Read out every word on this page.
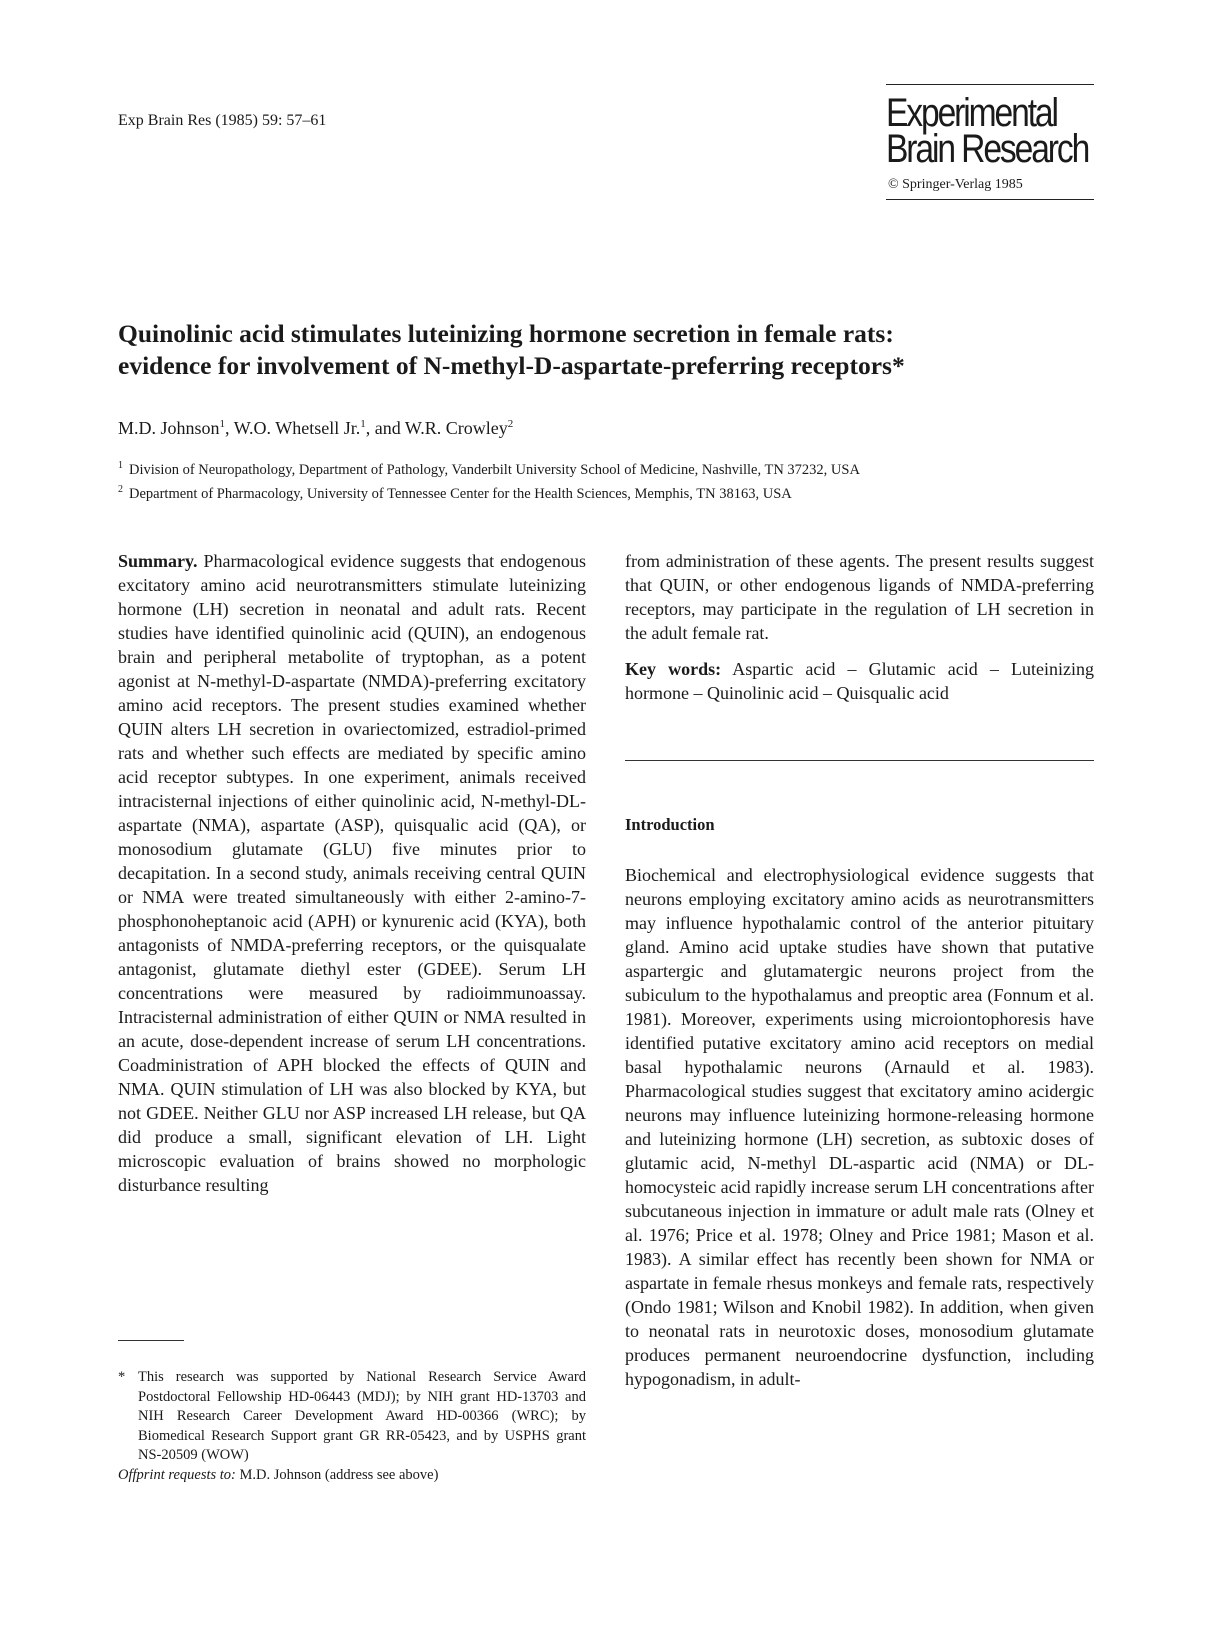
Exp Brain Res (1985) 59: 57–61	Experimental
Brain Research
© Springer-Verlag 1985
Quinolinic acid stimulates luteinizing hormone secretion in female rats:
evidence for involvement of N-methyl-D-aspartate-preferring receptors*
M.D. Johnson$^1$, W.O. Whetsell Jr.$^1$, and W.R. Crowley$^2$
$^1$ Division of Neuropathology, Department of Pathology, Vanderbilt University School of Medicine, Nashville, TN 37232, USA
$^2$ Department of Pharmacology, University of Tennessee Center for the Health Sciences, Memphis, TN 38163, USA

Summary. Pharmacological evidence suggests that endogenous excitatory amino acid neurotransmitters stimulate luteinizing hormone (LH) secretion in neonatal and adult rats. Recent studies have identified quinolinic acid (QUIN), an endogenous brain and peripheral metabolite of tryptophan, as a potent agonist at N-methyl-D-aspartate (NMDA)-preferring excitatory amino acid receptors. The present studies examined whether QUIN alters LH secretion in ovariectomized, estradiol-primed rats and whether such effects are mediated by specific amino acid receptor subtypes. In one experiment, animals received intracisternal injections of either quinolinic acid, N-methyl-DL-aspartate (NMA), aspartate (ASP), quisqualic acid (QA), or monosodium glutamate (GLU) five minutes prior to decapitation. In a second study, animals receiving central QUIN or NMA were treated simultaneously with either 2-amino-7-phosphonoheptanoic acid (APH) or kynurenic acid (KYA), both antagonists of NMDA-preferring receptors, or the quisqualate antagonist, glutamate diethyl ester (GDEE). Serum LH concentrations were measured by radioimmunoassay. Intracisternal administration of either QUIN or NMA resulted in an acute, dose-dependent increase of serum LH concentrations. Coadministration of APH blocked the effects of QUIN and NMA. QUIN stimulation of LH was also blocked by KYA, but not GDEE. Neither GLU nor ASP increased LH release, but QA did produce a small, significant elevation of LH. Light microscopic evaluation of brains showed no morphologic disturbance resulting

from administration of these agents. The present results suggest that QUIN, or other endogenous ligands of NMDA-preferring receptors, may participate in the regulation of LH secretion in the adult female rat.

Key words: Aspartic acid – Glutamic acid – Luteinizing hormone – Quinolinic acid – Quisqualic acid

Introduction
Biochemical and electrophysiological evidence suggests that neurons employing excitatory amino acids as neurotransmitters may influence hypothalamic control of the anterior pituitary gland. Amino acid uptake studies have shown that putative aspartergic and glutamatergic neurons project from the subiculum to the hypothalamus and preoptic area (Fonnum et al. 1981). Moreover, experiments using microiontophoresis have identified putative excitatory amino acid receptors on medial basal hypothalamic neurons (Arnauld et al. 1983). Pharmacological studies suggest that excitatory amino acidergic neurons may influence luteinizing hormone-releasing hormone and luteinizing hormone (LH) secretion, as subtoxic doses of glutamic acid, N-methyl DL-aspartic acid (NMA) or DL-homocysteic acid rapidly increase serum LH concentrations after subcutaneous injection in immature or adult male rats (Olney et al. 1976; Price et al. 1978; Olney and Price 1981; Mason et al. 1983). A similar effect has recently been shown for NMA or aspartate in female rhesus monkeys and female rats, respectively (Ondo 1981; Wilson and Knobil 1982). In addition, when given to neonatal rats in neurotoxic doses, monosodium glutamate produces permanent neuroendocrine dysfunction, including hypogonadism, in adult-
* This research was supported by National Research Service Award Postdoctoral Fellowship HD-06443 (MDJ); by NIH grant HD-13703 and NIH Research Career Development Award HD-00366 (WRC); by Biomedical Research Support grant GR RR-05423, and by USPHS grant NS-20509 (WOW)
Offprint requests to: M.D. Johnson (address see above)
